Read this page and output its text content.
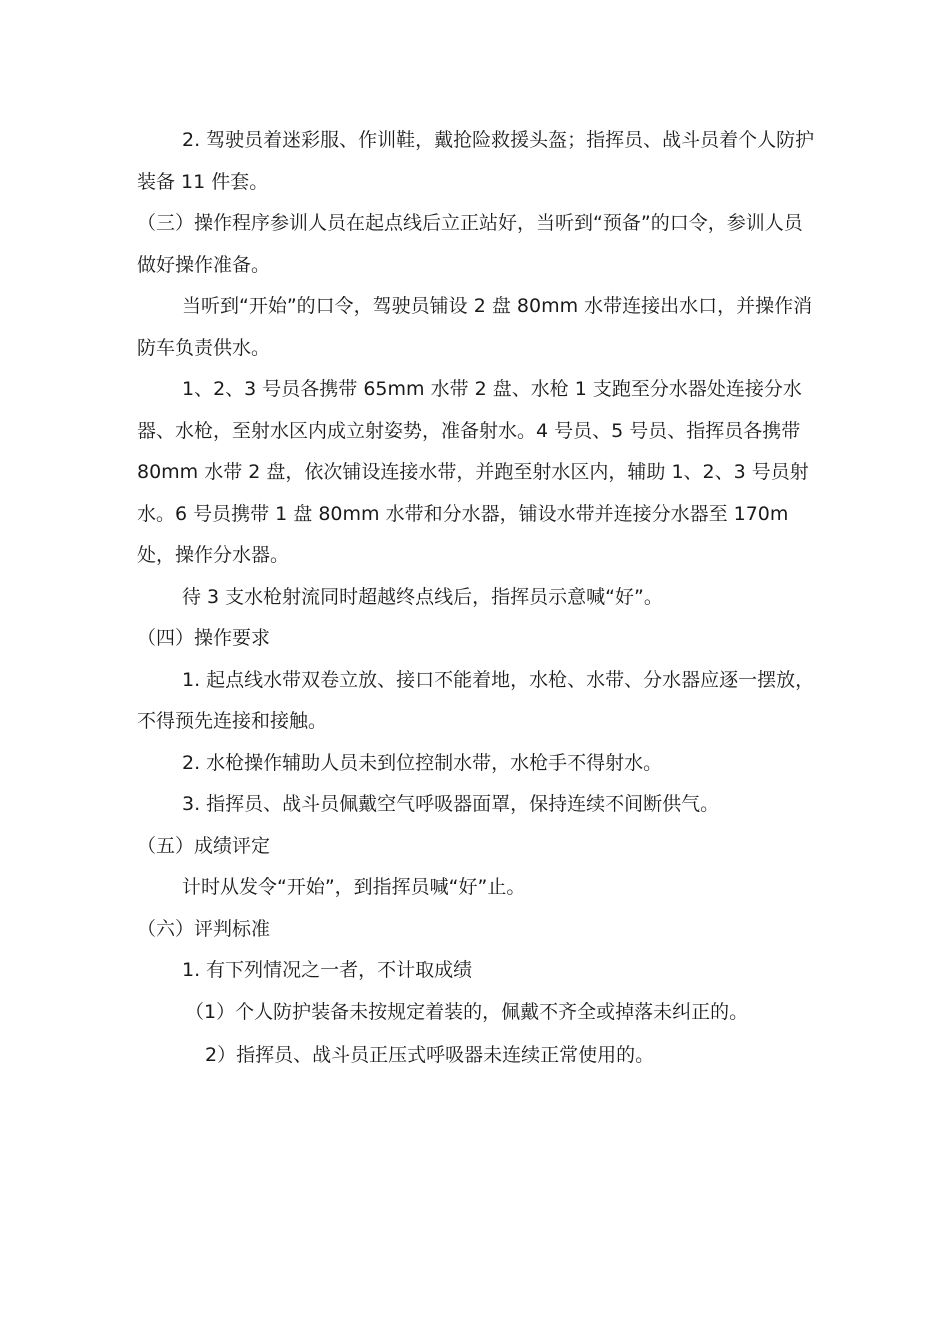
2. 驾驶员着迷彩服、作训鞋，戴抢险救援头盔；指挥员、战斗员着个人防护装备 11 件套。

（三）操作程序参训人员在起点线后立正站好，当听到“预备”的口令，参训人员做好操作准备。

当听到“开始”的口令，驾驶员铺设 2 盘 80mm 水带连接出水口，并操作消防车负责供水。

1、2、3 号员各携带 65mm 水带 2 盘、水枪 1 支跑至分水器处连接分水器、水枪，至射水区内成立射姿势，准备射水。4 号员、5 号员、指挥员各携带 80mm 水带 2 盘，依次铺设连接水带，并跑至射水区内，辅助 1、2、3 号员射水。6 号员携带 1 盘 80mm 水带和分水器，铺设水带并连接分水器至 170m 处，操作分水器。

待 3 支水枪射流同时超越终点线后，指挥员示意喊“好”。

（四）操作要求

1. 起点线水带双卷立放、接口不能着地，水枪、水带、分水器应逐一摆放，不得预先连接和接触。

2. 水枪操作辅助人员未到位控制水带，水枪手不得射水。

3. 指挥员、战斗员佩戴空气呼吸器面罩，保持连续不间断供气。

（五）成绩评定

计时从发令“开始”，到指挥员喊“好”止。

（六）评判标准

1. 有下列情况之一者，不计取成绩

（1）个人防护装备未按规定着装的，佩戴不齐全或掉落未纠正的。

2）指挥员、战斗员正压式呼吸器未连续正常使用的。
